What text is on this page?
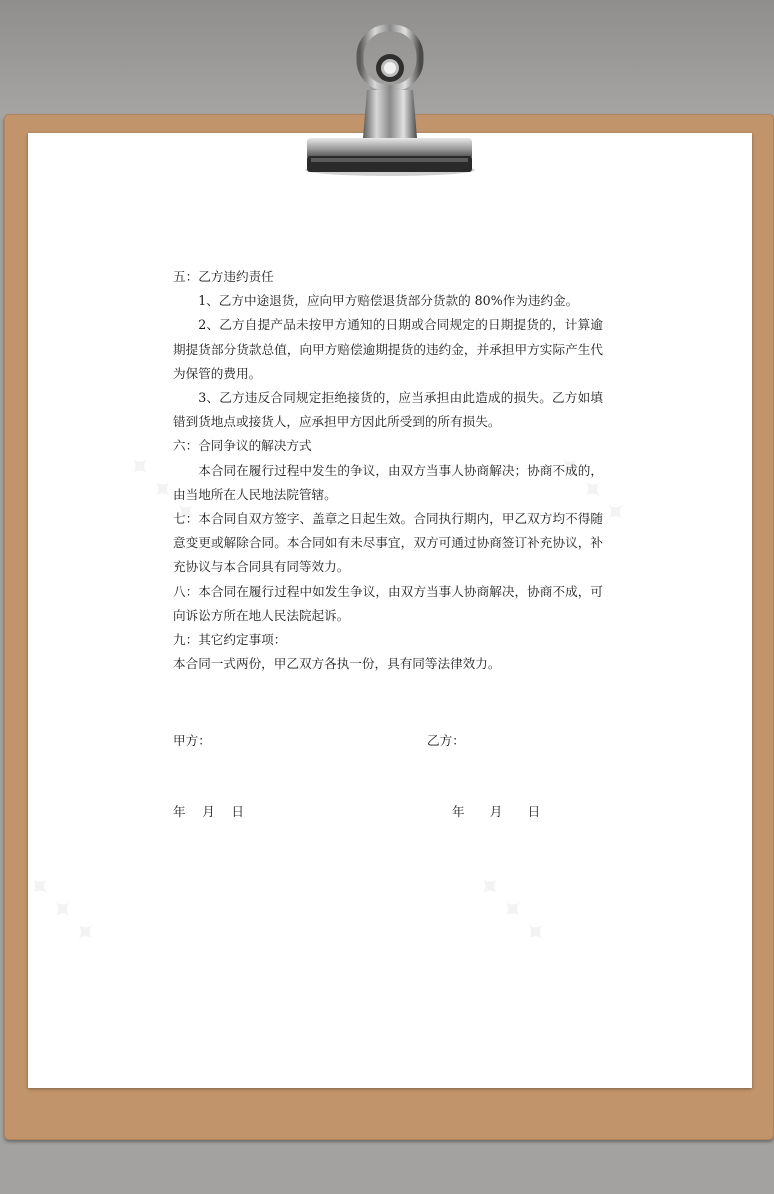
✦ ✦ ✦	✦ ✦ ✦
✦ ✦ ✦	✦ ✦ ✦

五：乙方违约责任

1、乙方中途退货，应向甲方赔偿退货部分货款的 80%作为违约金。

2、乙方自提产品未按甲方通知的日期或合同规定的日期提货的，计算逾期提货部分货款总值，向甲方赔偿逾期提货的违约金，并承担甲方实际产生代为保管的费用。

3、乙方违反合同规定拒绝接货的，应当承担由此造成的损失。乙方如填错到货地点或接货人，应承担甲方因此所受到的所有损失。

六：合同争议的解决方式

本合同在履行过程中发生的争议，由双方当事人协商解决；协商不成的，由当地所在人民地法院管辖。

七：本合同自双方签字、盖章之日起生效。合同执行期内，甲乙双方均不得随意变更或解除合同。本合同如有未尽事宜，双方可通过协商签订补充协议，补充协议与本合同具有同等效力。

八：本合同在履行过程中如发生争议，由双方当事人协商解决，协商不成，可向诉讼方所在地人民法院起诉。

九：其它约定事项：

本合同一式两份，甲乙双方各执一份，具有同等法律效力。

甲方：	乙方：
年　 月　 日	年　　月　　日
